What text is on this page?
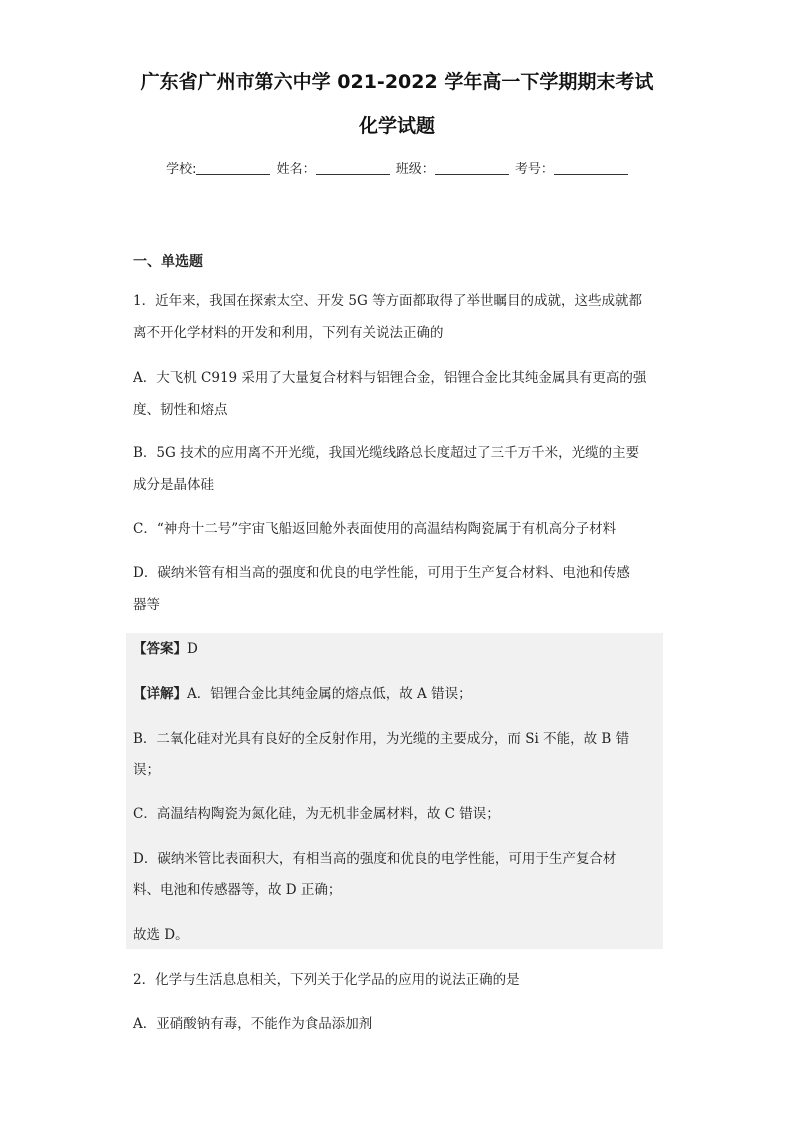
广东省广州市第六中学 021-2022 学年高一下学期期末考试
化学试题
学校:	姓名：	班级：	考号：
一、单选题
1．近年来，我国在探索太空、开发 5G 等方面都取得了举世瞩目的成就，这些成就都
离不开化学材料的开发和利用，下列有关说法正确的
A．大飞机 C919 采用了大量复合材料与铝锂合金，铝锂合金比其纯金属具有更高的强
度、韧性和熔点
B．5G 技术的应用离不开光缆，我国光缆线路总长度超过了三千万千米，光缆的主要
成分是晶体硅
C．“神舟十二号”宇宙飞船返回舱外表面使用的高温结构陶瓷属于有机高分子材料
D．碳纳米管有相当高的强度和优良的电学性能，可用于生产复合材料、电池和传感
器等
【答案】D
【详解】A．铝锂合金比其纯金属的熔点低，故 A 错误；
B．二氧化硅对光具有良好的全反射作用，为光缆的主要成分，而 Si 不能，故 B 错
误；
C．高温结构陶瓷为氮化硅，为无机非金属材料，故 C 错误；
D．碳纳米管比表面积大，有相当高的强度和优良的电学性能，可用于生产复合材
料、电池和传感器等，故 D 正确；
故选 D。
2．化学与生活息息相关，下列关于化学品的应用的说法正确的是
A．亚硝酸钠有毒，不能作为食品添加剂
